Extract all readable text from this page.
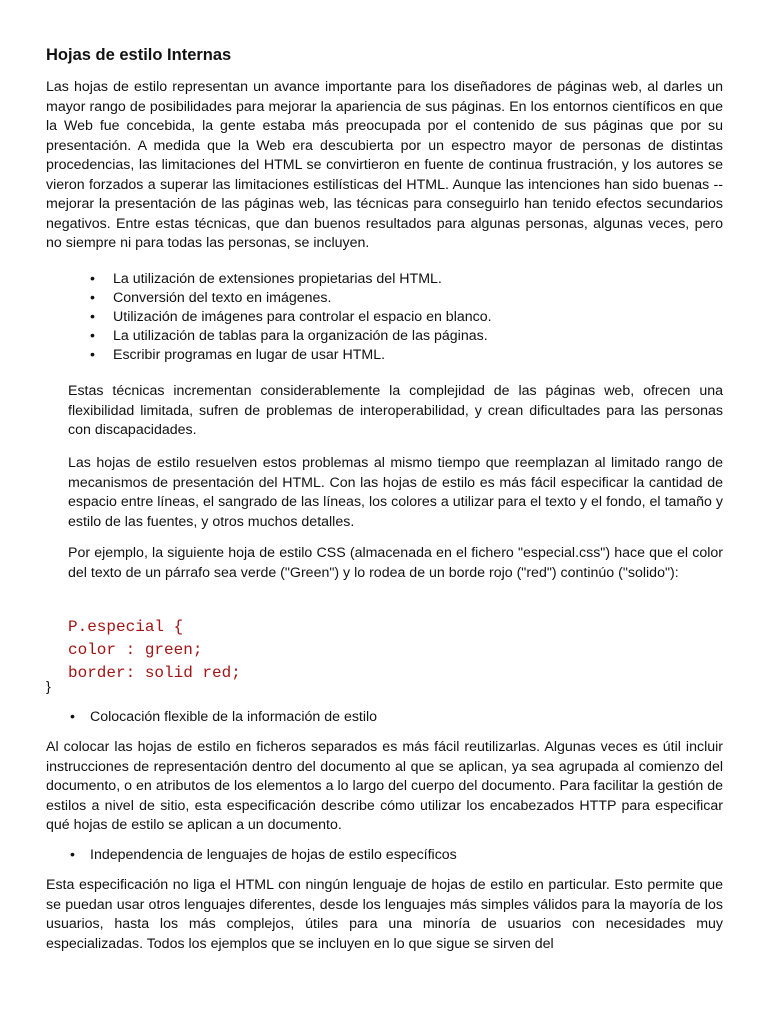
Hojas de estilo Internas

Las hojas de estilo representan un avance importante para los diseñadores de páginas web, al darles un mayor rango de posibilidades para mejorar la apariencia de sus páginas. En los entornos científicos en que la Web fue concebida, la gente estaba más preocupada por el contenido de sus páginas que por su presentación. A medida que la Web era descubierta por un espectro mayor de personas de distintas procedencias, las limitaciones del HTML se convirtieron en fuente de continua frustración, y los autores se vieron forzados a superar las limitaciones estilísticas del HTML. Aunque las intenciones han sido buenas -- mejorar la presentación de las páginas web, las técnicas para conseguirlo han tenido efectos secundarios negativos. Entre estas técnicas, que dan buenos resultados para algunas personas, algunas veces, pero no siempre ni para todas las personas, se incluyen.

• La utilización de extensiones propietarias del HTML.
• Conversión del texto en imágenes.
• Utilización de imágenes para controlar el espacio en blanco.
• La utilización de tablas para la organización de las páginas.
• Escribir programas en lugar de usar HTML.

Estas técnicas incrementan considerablemente la complejidad de las páginas web, ofrecen una flexibilidad limitada, sufren de problemas de interoperabilidad, y crean dificultades para las personas con discapacidades.

Las hojas de estilo resuelven estos problemas al mismo tiempo que reemplazan al limitado rango de mecanismos de presentación del HTML. Con las hojas de estilo es más fácil especificar la cantidad de espacio entre líneas, el sangrado de las líneas, los colores a utilizar para el texto y el fondo, el tamaño y estilo de las fuentes, y otros muchos detalles.

Por ejemplo, la siguiente hoja de estilo CSS (almacenada en el fichero "especial.css") hace que el color del texto de un párrafo sea verde ("Green") y lo rodea de un borde rojo ("red") continúo ("solido"):

P.especial {
color : green;
border: solid red;

}

• Colocación flexible de la información de estilo

Al colocar las hojas de estilo en ficheros separados es más fácil reutilizarlas. Algunas veces es útil incluir instrucciones de representación dentro del documento al que se aplican, ya sea agrupada al comienzo del documento, o en atributos de los elementos a lo largo del cuerpo del documento. Para facilitar la gestión de estilos a nivel de sitio, esta especificación describe cómo utilizar los encabezados HTTP para especificar qué hojas de estilo se aplican a un documento.

• Independencia de lenguajes de hojas de estilo específicos

Esta especificación no liga el HTML con ningún lenguaje de hojas de estilo en particular. Esto permite que se puedan usar otros lenguajes diferentes, desde los lenguajes más simples válidos para la mayoría de los usuarios, hasta los más complejos, útiles para una minoría de usuarios con necesidades muy especializadas. Todos los ejemplos que se incluyen en lo que sigue se sirven del
